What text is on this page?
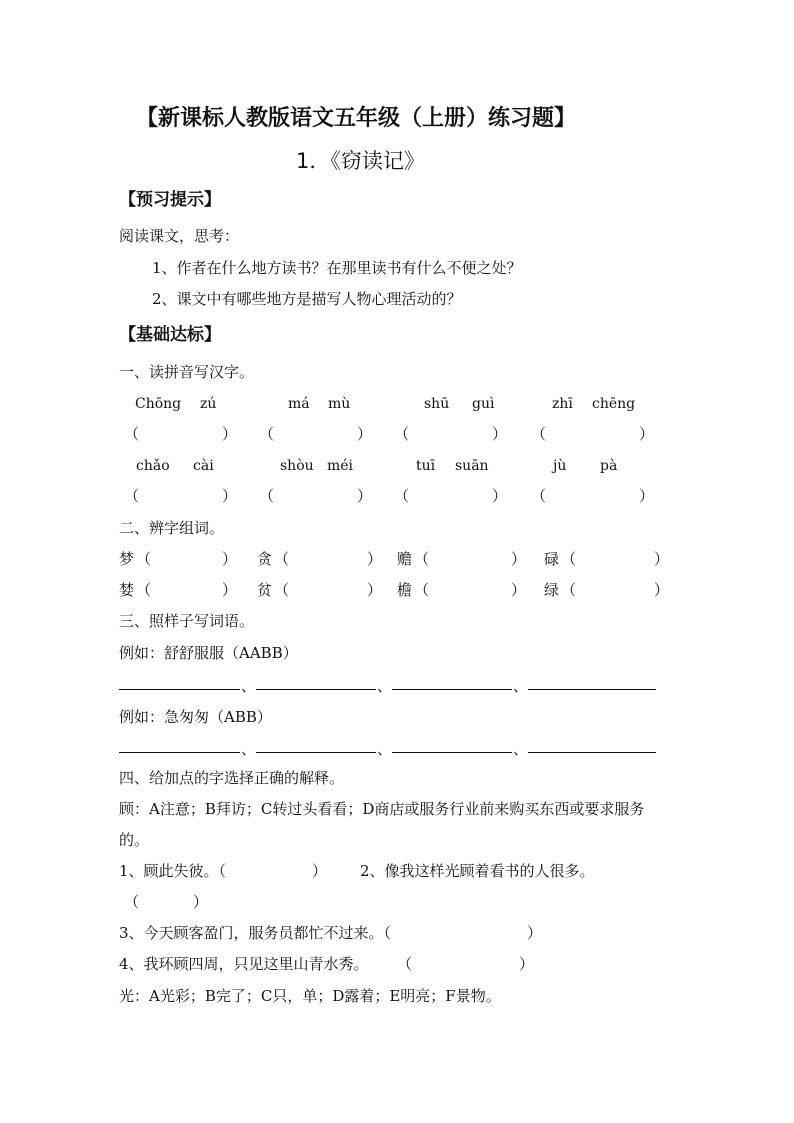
【新课标人教版语文五年级（上册）练习题】
1．《窃读记》
【预习提示】
阅读课文，思考：
1、作者在什么地方读书？在那里读书有什么不便之处？
2、课文中有哪些地方是描写人物心理活动的？
【基础达标】
一、读拼音写汉字。
Chōng zú	má mù	shū guì	zhī chēng
（	） （	） （	） （	）
chǎo cài	shòu méi	tuī suān	jù pà
（	） （	） （	） （	）
二、辨字组词。
梦 （	） 贪 （	） 赡 （	） 碌 （	）
婪 （	） 贫 （	） 檐 （	） 绿 （	）
三、照样子写词语。
例如：舒舒服服（AABB）
、	、	、
例如：急匆匆（ABB）
、	、	、
四、给加点的字选择正确的解释。
顾：A注意；B拜访；C转过头看看；D商店或服务行业前来购买东西或要求服务
的。
1、顾此失彼。（	） 2、像我这样光顾着看书的人很多。
（	）
3、今天顾客盈门，服务员都忙不过来。（	）
4、我环顾四周，只见这里山青水秀。 （	）
光：A光彩；B完了；C只，单；D露着；E明亮；F景物。
